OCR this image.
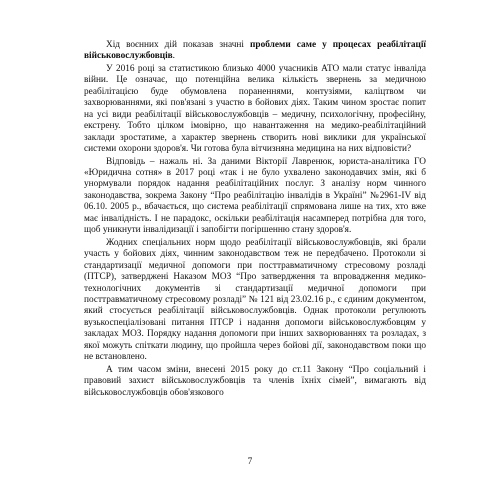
Хід воєнних дій показав значні проблеми саме у процесах реабілітації військовослужбовців.

У 2016 році за статистикою близько 4000 учасників АТО мали статус інваліда війни. Це означає, що потенційна велика кількість звернень за медичною реабілітацією буде обумовлена пораненнями, контузіями, каліцтвом чи захворюваннями, які пов'язані з участю в бойових діях. Таким чином зростає попит на усі види реабілітації військовослужбовців – медичну, психологічну, професійну, екстрену. Тобто цілком імовірно, що навантаження на медико-реабілітаційний заклади зростатиме, а характер звернень створить нові виклики для української системи охорони здоров'я. Чи готова була вітчизняна медицина на них відповісти?

Відповідь – нажаль ні. За даними Вікторії Лавренюк, юриста-аналітика ГО «Юридична сотня» в 2017 році «так і не було ухвалено законодавчих змін, які б унормували порядок надання реабілітаційних послуг. З аналізу норм чинного законодавства, зокрема Закону “Про реабілітацію інвалідів в Україні” №2961-IV від 06.10. 2005 р., вбачається, що система реабілітації спрямована лише на тих, хто вже має інвалідність. І не парадокс, оскільки реабілітація насамперед потрібна для того, щоб уникнути інвалідизації і запобігти погіршенню стану здоров'я.

Жодних спеціальних норм щодо реабілітації військовослужбовців, які брали участь у бойових діях, чинним законодавством теж не передбачено. Протоколи зі стандартизації медичної допомоги при посттравматичному стресовому розладі (ПТСР), затверджені Наказом МОЗ “Про затвердження та впровадження медико-технологічних документів зі стандартизації медичної допомоги при посттравматичному стресовому розладі” № 121 від 23.02.16 р., є єдиним документом, який стосується реабілітації військовослужбовців. Однак протоколи регулюють вузькоспеціалізовані питання ПТСР і надання допомоги військовослужбовцям у закладах МОЗ. Порядку надання допомоги при інших захворюваннях та розладах, з якої можуть спіткати людину, що пройшла через бойові дії, законодавством поки що не встановлено.

А тим часом зміни, внесені 2015 року до ст.11 Закону “Про соціальний і правовий захист військовослужбовців та членів їхніх сімей”, вимагають від військовослужбовців обов'язкового

7
